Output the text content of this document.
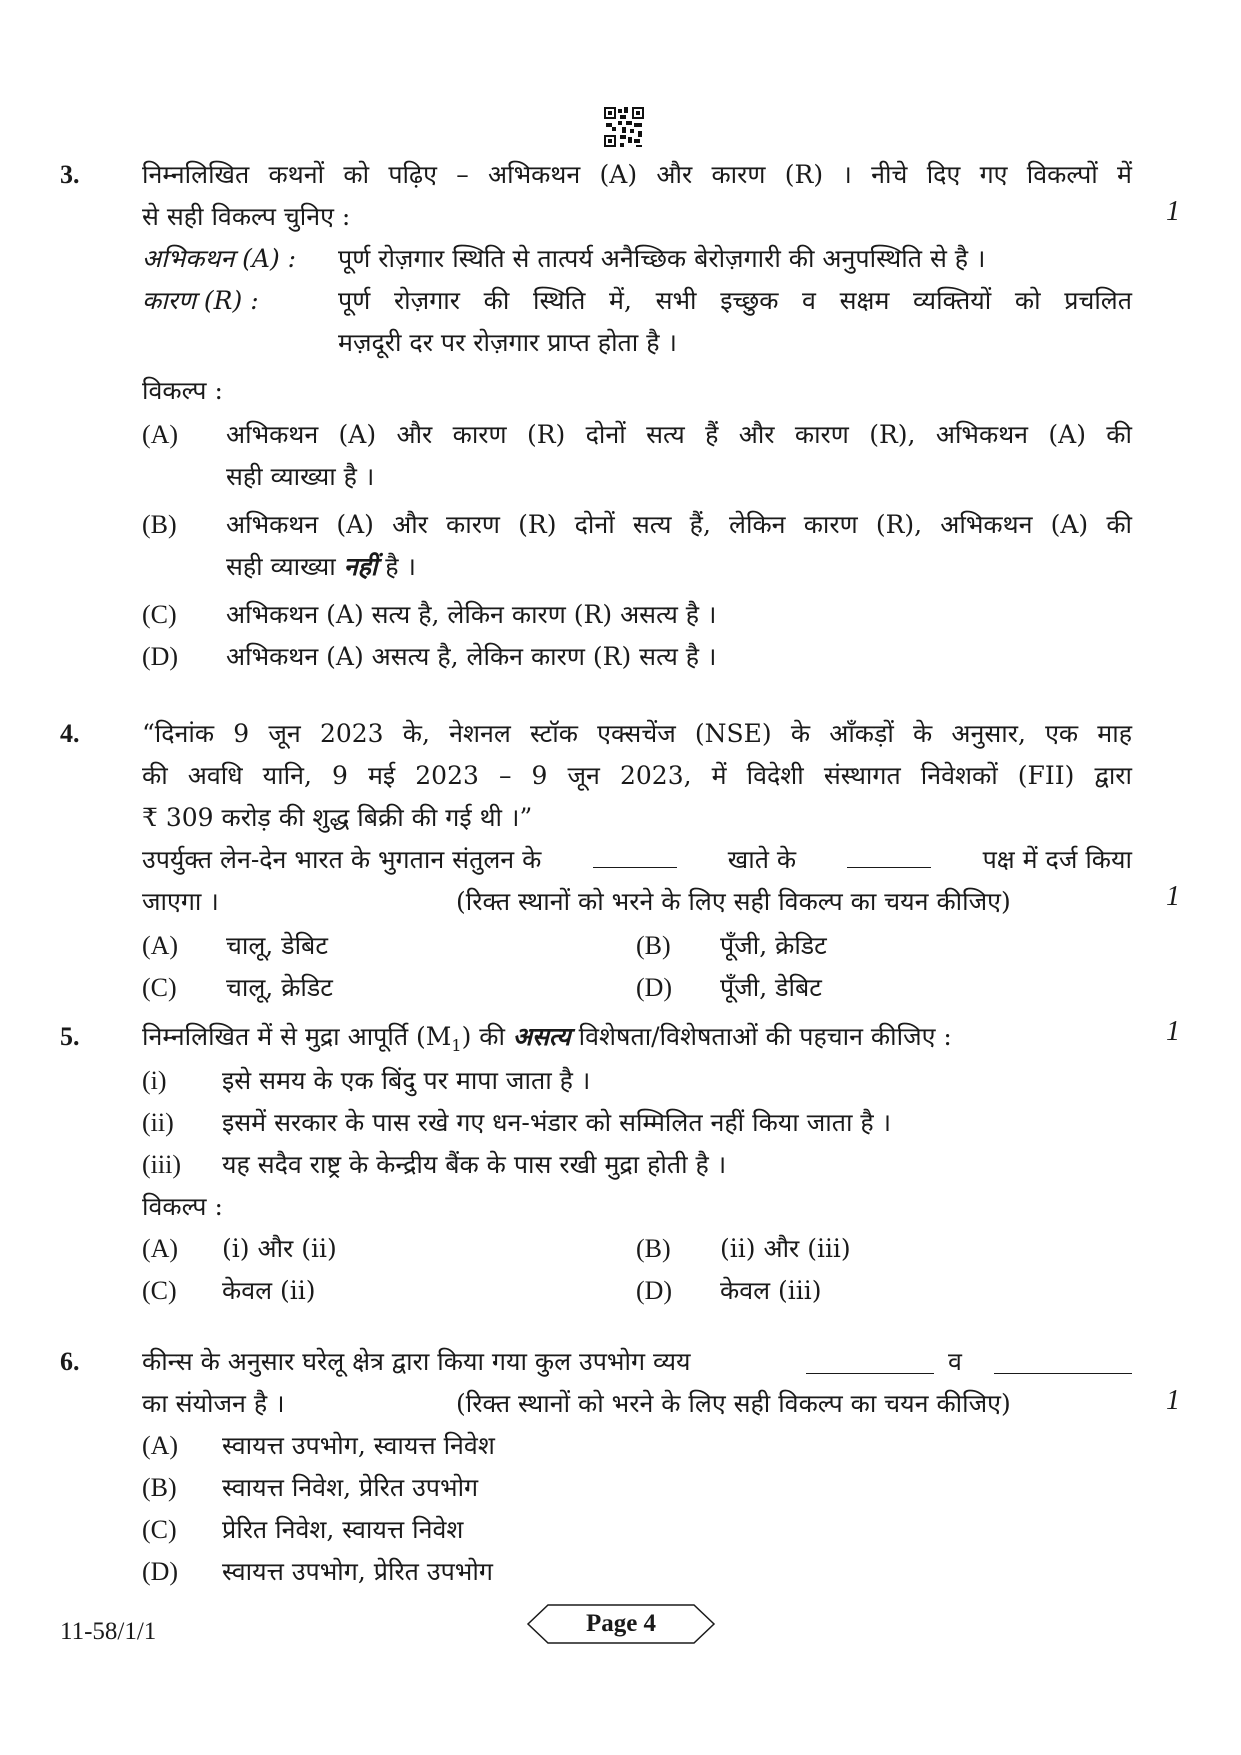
3.	निम्नलिखित कथनों को पढ़िए – अभिकथन (A) और कारण (R) । नीचे दिए गए विकल्पों में
से सही विकल्प चुनिए :
अभिकथन (A) : पूर्ण रोज़गार स्थिति से तात्पर्य अनैच्छिक बेरोज़गारी की अनुपस्थिति से है ।
कारण (R) :	पूर्ण रोज़गार की स्थिति में, सभी इच्छुक व सक्षम व्यक्तियों को प्रचलित
मज़दूरी दर पर रोज़गार प्राप्त होता है ।
विकल्प :
(A) अभिकथन (A) और कारण (R) दोनों सत्य हैं और कारण (R), अभिकथन (A) की
सही व्याख्या है ।
(B) अभिकथन (A) और कारण (R) दोनों सत्य हैं, लेकिन कारण (R), अभिकथन (A) की
सही व्याख्या नहीं है ।
(C) अभिकथन (A) सत्य है, लेकिन कारण (R) असत्य है ।
(D) अभिकथन (A) असत्य है, लेकिन कारण (R) सत्य है ।
1
4.	“दिनांक 9 जून 2023 के, नेशनल स्टॉक एक्सचेंज (NSE) के आँकड़ों के अनुसार, एक माह
की अवधि यानि, 9 मई 2023 – 9 जून 2023, में विदेशी संस्थागत निवेशकों (FII) द्वारा
₹ 309 करोड़ की शुद्ध बिक्री की गई थी ।”
उपर्युक्त लेन-देन भारत के भुगतान संतुलन के	खाते के	पक्ष में दर्ज किया
जाएगा ।	(रिक्त स्थानों को भरने के लिए सही विकल्प का चयन कीजिए)
(A) चालू, डेबिट	(B) पूँजी, क्रेडिट
(C) चालू, क्रेडिट	(D) पूँजी, डेबिट
1
5.	निम्नलिखित में से मुद्रा आपूर्ति $(M_1)$ की असत्य विशेषता/विशेषताओं की पहचान कीजिए :
(i) इसे समय के एक बिंदु पर मापा जाता है ।
(ii) इसमें सरकार के पास रखे गए धन-भंडार को सम्मिलित नहीं किया जाता है ।
(iii) यह सदैव राष्ट्र के केन्द्रीय बैंक के पास रखी मुद्रा होती है ।
विकल्प :
(A) (i) और (ii)	(B) (ii) और (iii)
(C) केवल (ii)	(D) केवल (iii)
1
6.	कीन्स के अनुसार घरेलू क्षेत्र द्वारा किया गया कुल उपभोग व्यय	व
का संयोजन है ।	(रिक्त स्थानों को भरने के लिए सही विकल्प का चयन कीजिए)
(A) स्वायत्त उपभोग, स्वायत्त निवेश
(B) स्वायत्त निवेश, प्रेरित उपभोग
(C) प्रेरित निवेश, स्वायत्त निवेश
(D) स्वायत्त उपभोग, प्रेरित उपभोग
1
11-58/1/1	Page 4
